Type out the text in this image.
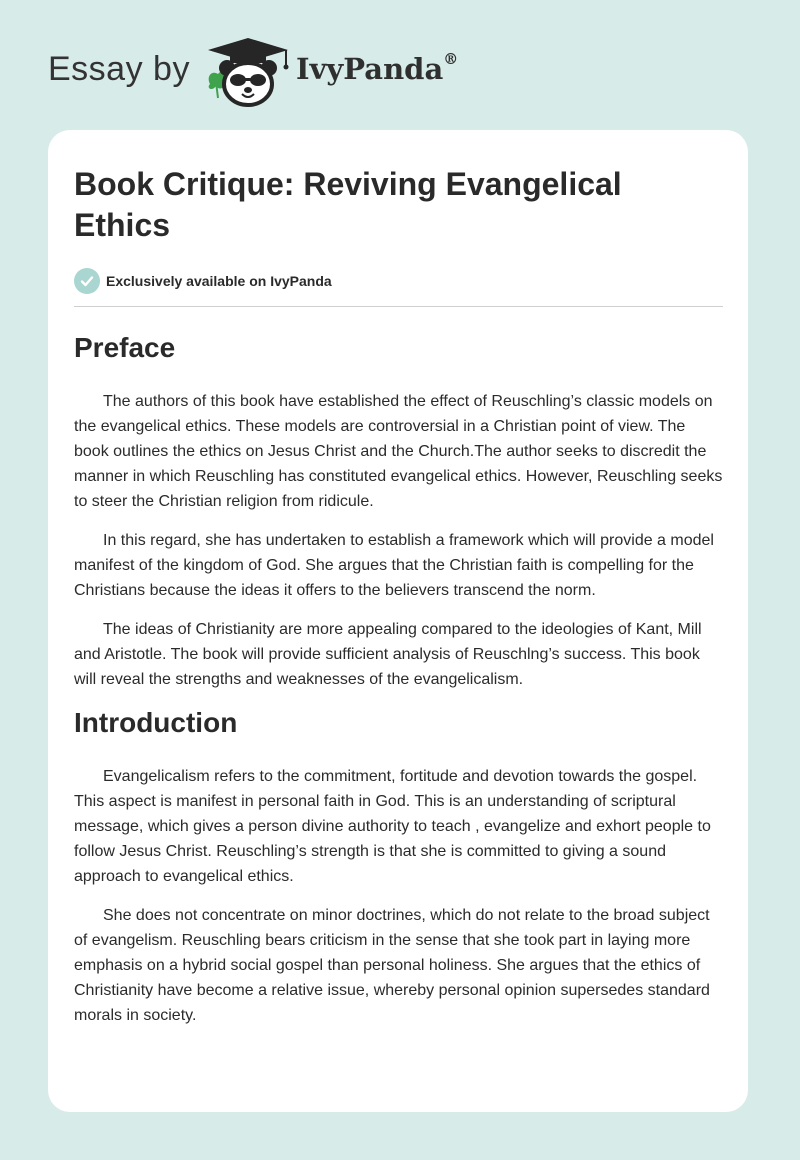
Essay by	IvyPanda®
Book Critique: Reviving Evangelical Ethics
Exclusively available on IvyPanda
Preface

The authors of this book have established the effect of Reuschling’s classic models on the evangelical ethics. These models are controversial in a Christian point of view. The book outlines the ethics on Jesus Christ and the Church.The author seeks to discredit the manner in which Reuschling has constituted evangelical ethics. However, Reuschling seeks to steer the Christian religion from ridicule.

In this regard, she has undertaken to establish a framework which will provide a model manifest of the kingdom of God. She argues that the Christian faith is compelling for the Christians because the ideas it offers to the believers transcend the norm.

The ideas of Christianity are more appealing compared to the ideologies of Kant, Mill and Aristotle. The book will provide sufficient analysis of Reuschlng’s success. This book will reveal the strengths and weaknesses of the evangelicalism.

Introduction

Evangelicalism refers to the commitment, fortitude and devotion towards the gospel. This aspect is manifest in personal faith in God. This is an understanding of scriptural message, which gives a person divine authority to teach , evangelize and exhort people to follow Jesus Christ. Reuschling’s strength is that she is committed to giving a sound approach to evangelical ethics.

She does not concentrate on minor doctrines, which do not relate to the broad subject of evangelism. Reuschling bears criticism in the sense that she took part in laying more emphasis on a hybrid social gospel than personal holiness. She argues that the ethics of Christianity have become a relative issue, whereby personal opinion supersedes standard morals in society.
